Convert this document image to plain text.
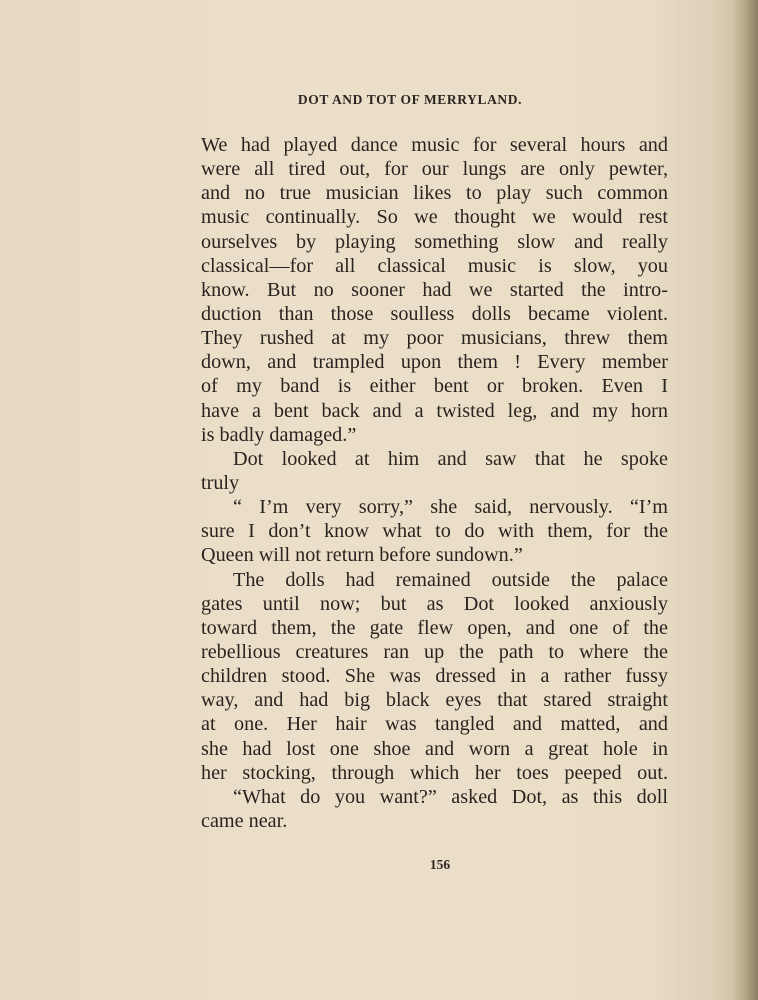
DOT AND TOT OF MERRYLAND.
We had played dance music for several hours and
were all tired out, for our lungs are only pewter,
and no true musician likes to play such common
music continually. So we thought we would rest
ourselves by playing something slow and really
classical—for all classical music is slow, you
know. But no sooner had we started the intro-
duction than those soulless dolls became violent.
They rushed at my poor musicians, threw them
down, and trampled upon them ! Every member
of my band is either bent or broken. Even I
have a bent back and a twisted leg, and my horn
is badly damaged.”
Dot looked at him and saw that he spoke
truly
“ I’m very sorry,” she said, nervously. “I’m
sure I don’t know what to do with them, for the
Queen will not return before sundown.”
The dolls had remained outside the palace
gates until now; but as Dot looked anxiously
toward them, the gate flew open, and one of the
rebellious creatures ran up the path to where the
children stood. She was dressed in a rather fussy
way, and had big black eyes that stared straight
at one. Her hair was tangled and matted, and
she had lost one shoe and worn a great hole in
her stocking, through which her toes peeped out.
“What do you want?” asked Dot, as this doll
came near.
156
